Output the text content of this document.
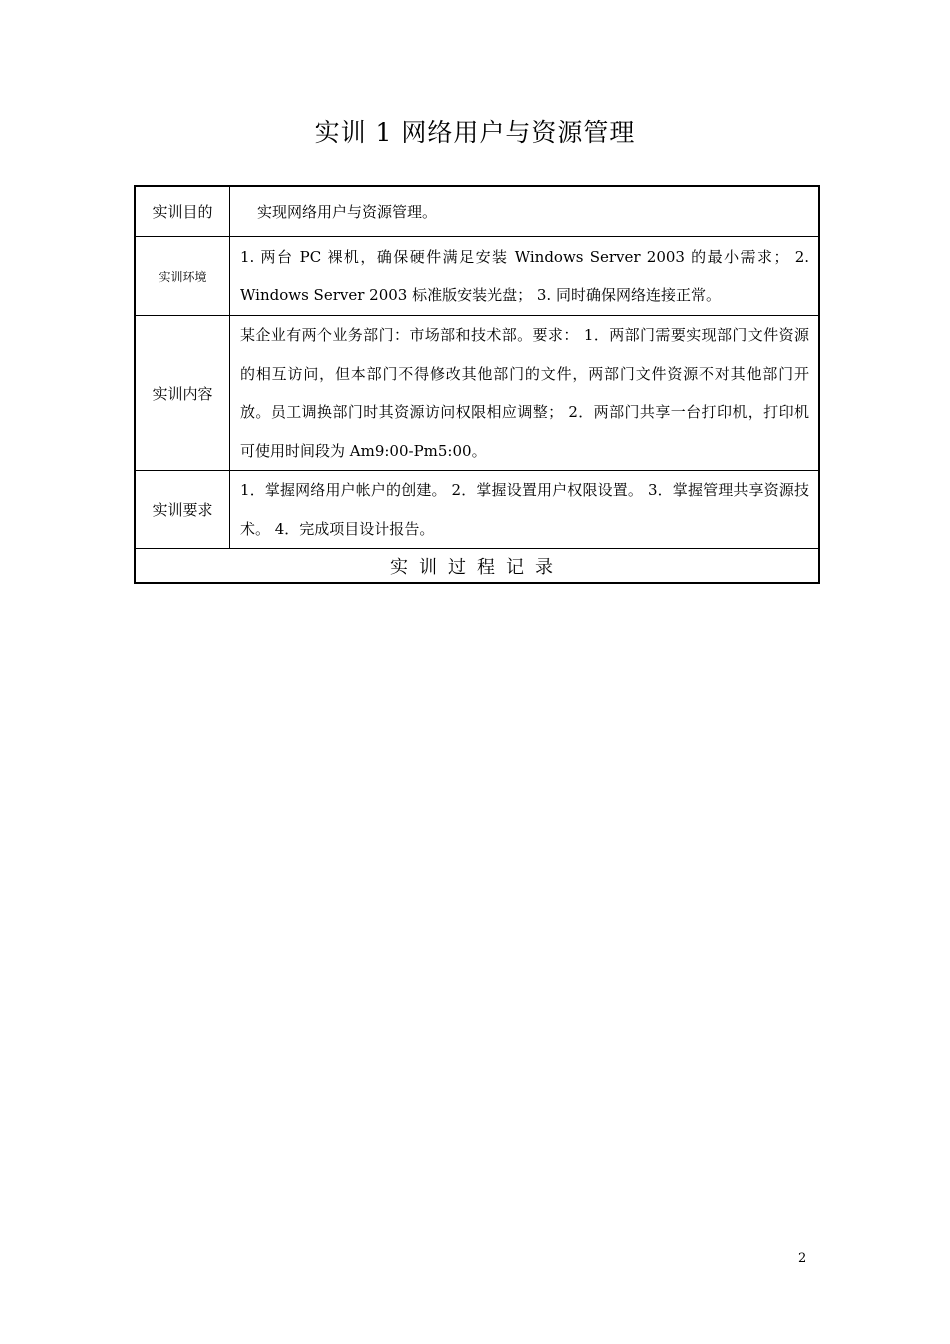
实训 1 网络用户与资源管理
实训目的	实现网络用户与资源管理。
实训环境	1. 两台 PC 裸机，确保硬件满足安装 Windows Server 2003 的最小需求； 2. Windows Server 2003 标准版安装光盘； 3. 同时确保网络连接正常。
实训内容	某企业有两个业务部门：市场部和技术部。要求： 1．两部门需要实现部门文件资源的相互访问，但本部门不得修改其他部门的文件，两部门文件资源不对其他部门开放。员工调换部门时其资源访问权限相应调整； 2．两部门共享一台打印机，打印机可使用时间段为 Am9:00-Pm5:00。
实训要求	1．掌握网络用户帐户的创建。 2．掌握设置用户权限设置。 3．掌握管理共享资源技术。 4．完成项目设计报告。
实训过程记录	
2
